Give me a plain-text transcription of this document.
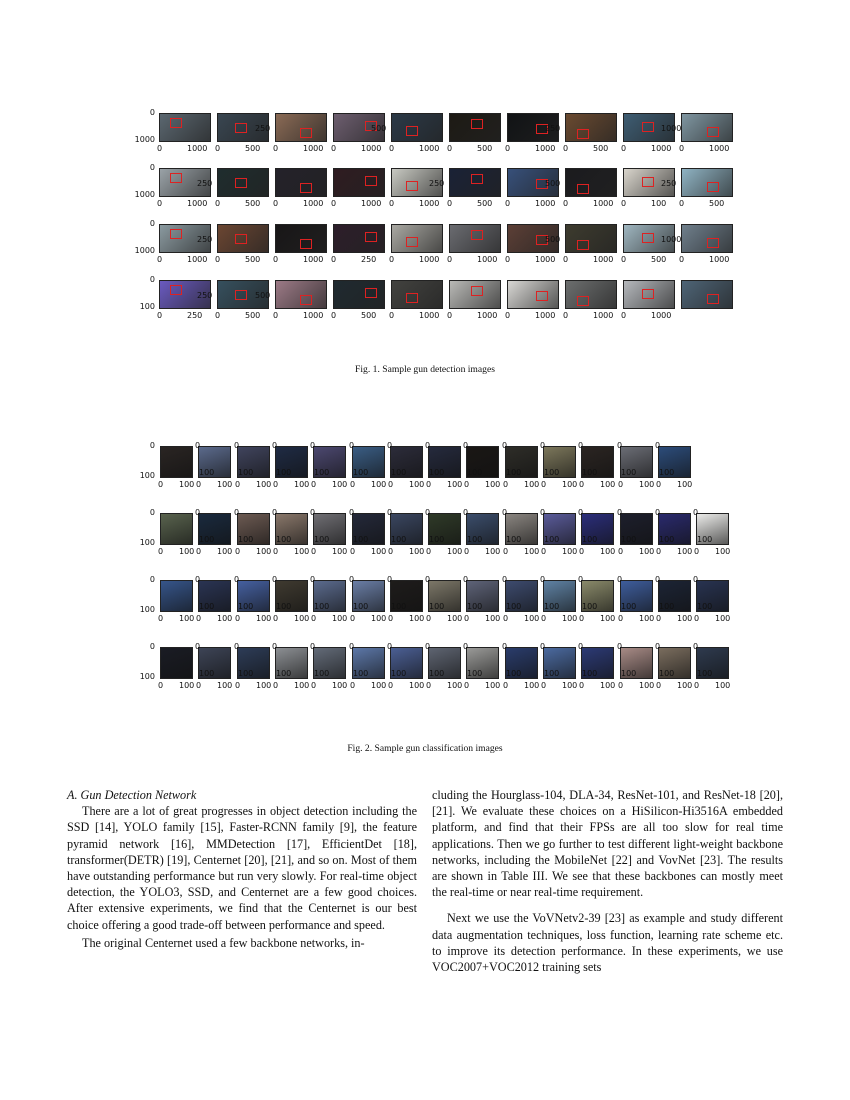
0
1000
0	1000
250
0	500 0	1000
500
0	1000 0	1000 0	500
250
0	1000 0	500
1000
0	1000 0	1000
0
1000
250
0	1000 0	500 0	1000 0	1000
250
0	1000 0	500
500
0	1000 0	1000
250
0	100 0	500
0
1000
250
0	1000 0	500 0	1000 0	250 0	1000 0	1000
500
0	1000 0	1000
1000
0	500 0	1000
0
100
250
0	250
500
0	500 0	1000 0	500 0	1000 0	1000 0	1000 0	1000 0	1000
Fig. 1. Sample gun detection images
0
100
0 100
0
100
0 100
0
100
0 100
0
100
0 100
0
100
0 100
0
100
0 100
0
100
0 100
0
100
0 100
0
100
0 100
0
100
0 100
0
100
0 100
0
100
0 100
0
100
0 100
0
100
0 100
0
100
0 100
0
100
0 100
0
100
0 100
0
100
0 100
0
100
0 100
0
100
0 100
0
100
0 100
0
100
0 100
0
100
0 100
0
100
0 100
0
100
0 100
0
100
0 100
0
100
0 100
0
100
0 100
0
100
0 100
0
100
0 100
0
100
0 100
0
100
0 100
0
100
0 100
0
100
0 100
0
100
0 100
0
100
0 100
0
100
0 100
0
100
0 100
0
100
0 100
0
100
0 100
0
100
0 100
0
100
0 100
0
100
0 100
0
100
0 100
0
100
0 100
0
100
0 100
0
100
0 100
0
100
0 100
0
100
0 100
0
100
0 100
0
100
0 100
0
100
0 100
0
100
0 100
0
100
0 100
0
100
0 100
0
100
0 100
0
100
0 100
0
100
0 100
0
100
0 100
Fig. 2. Sample gun classification images

A. Gun Detection Network

There are a lot of great progresses in object detection including the SSD [14], YOLO family [15], Faster-RCNN family [9], the feature pyramid network [16], MMDetection [17], EfficientDet [18], transformer(DETR) [19], Centernet [20], [21], and so on. Most of them have outstanding performance but run very slowly. For real-time object detection, the YOLO3, SSD, and Centernet are a few good choices. After extensive experiments, we find that the Centernet is our best choice offering a good trade-off between performance and speed.

The original Centernet used a few backbone networks, in-

cluding the Hourglass-104, DLA-34, ResNet-101, and ResNet-18 [20], [21]. We evaluate these choices on a HiSilicon-Hi3516A embedded platform, and find that their FPSs are all too slow for real time applications. Then we go further to test different light-weight backbone networks, including the MobileNet [22] and VovNet [23]. The results are shown in Table III. We see that these backbones can mostly meet the real-time or near real-time requirement.

Next we use the VoVNetv2-39 [23] as example and study different data augmentation techniques, loss function, learning rate scheme etc. to improve its detection performance. In these experiments, we use VOC2007+VOC2012 training sets
